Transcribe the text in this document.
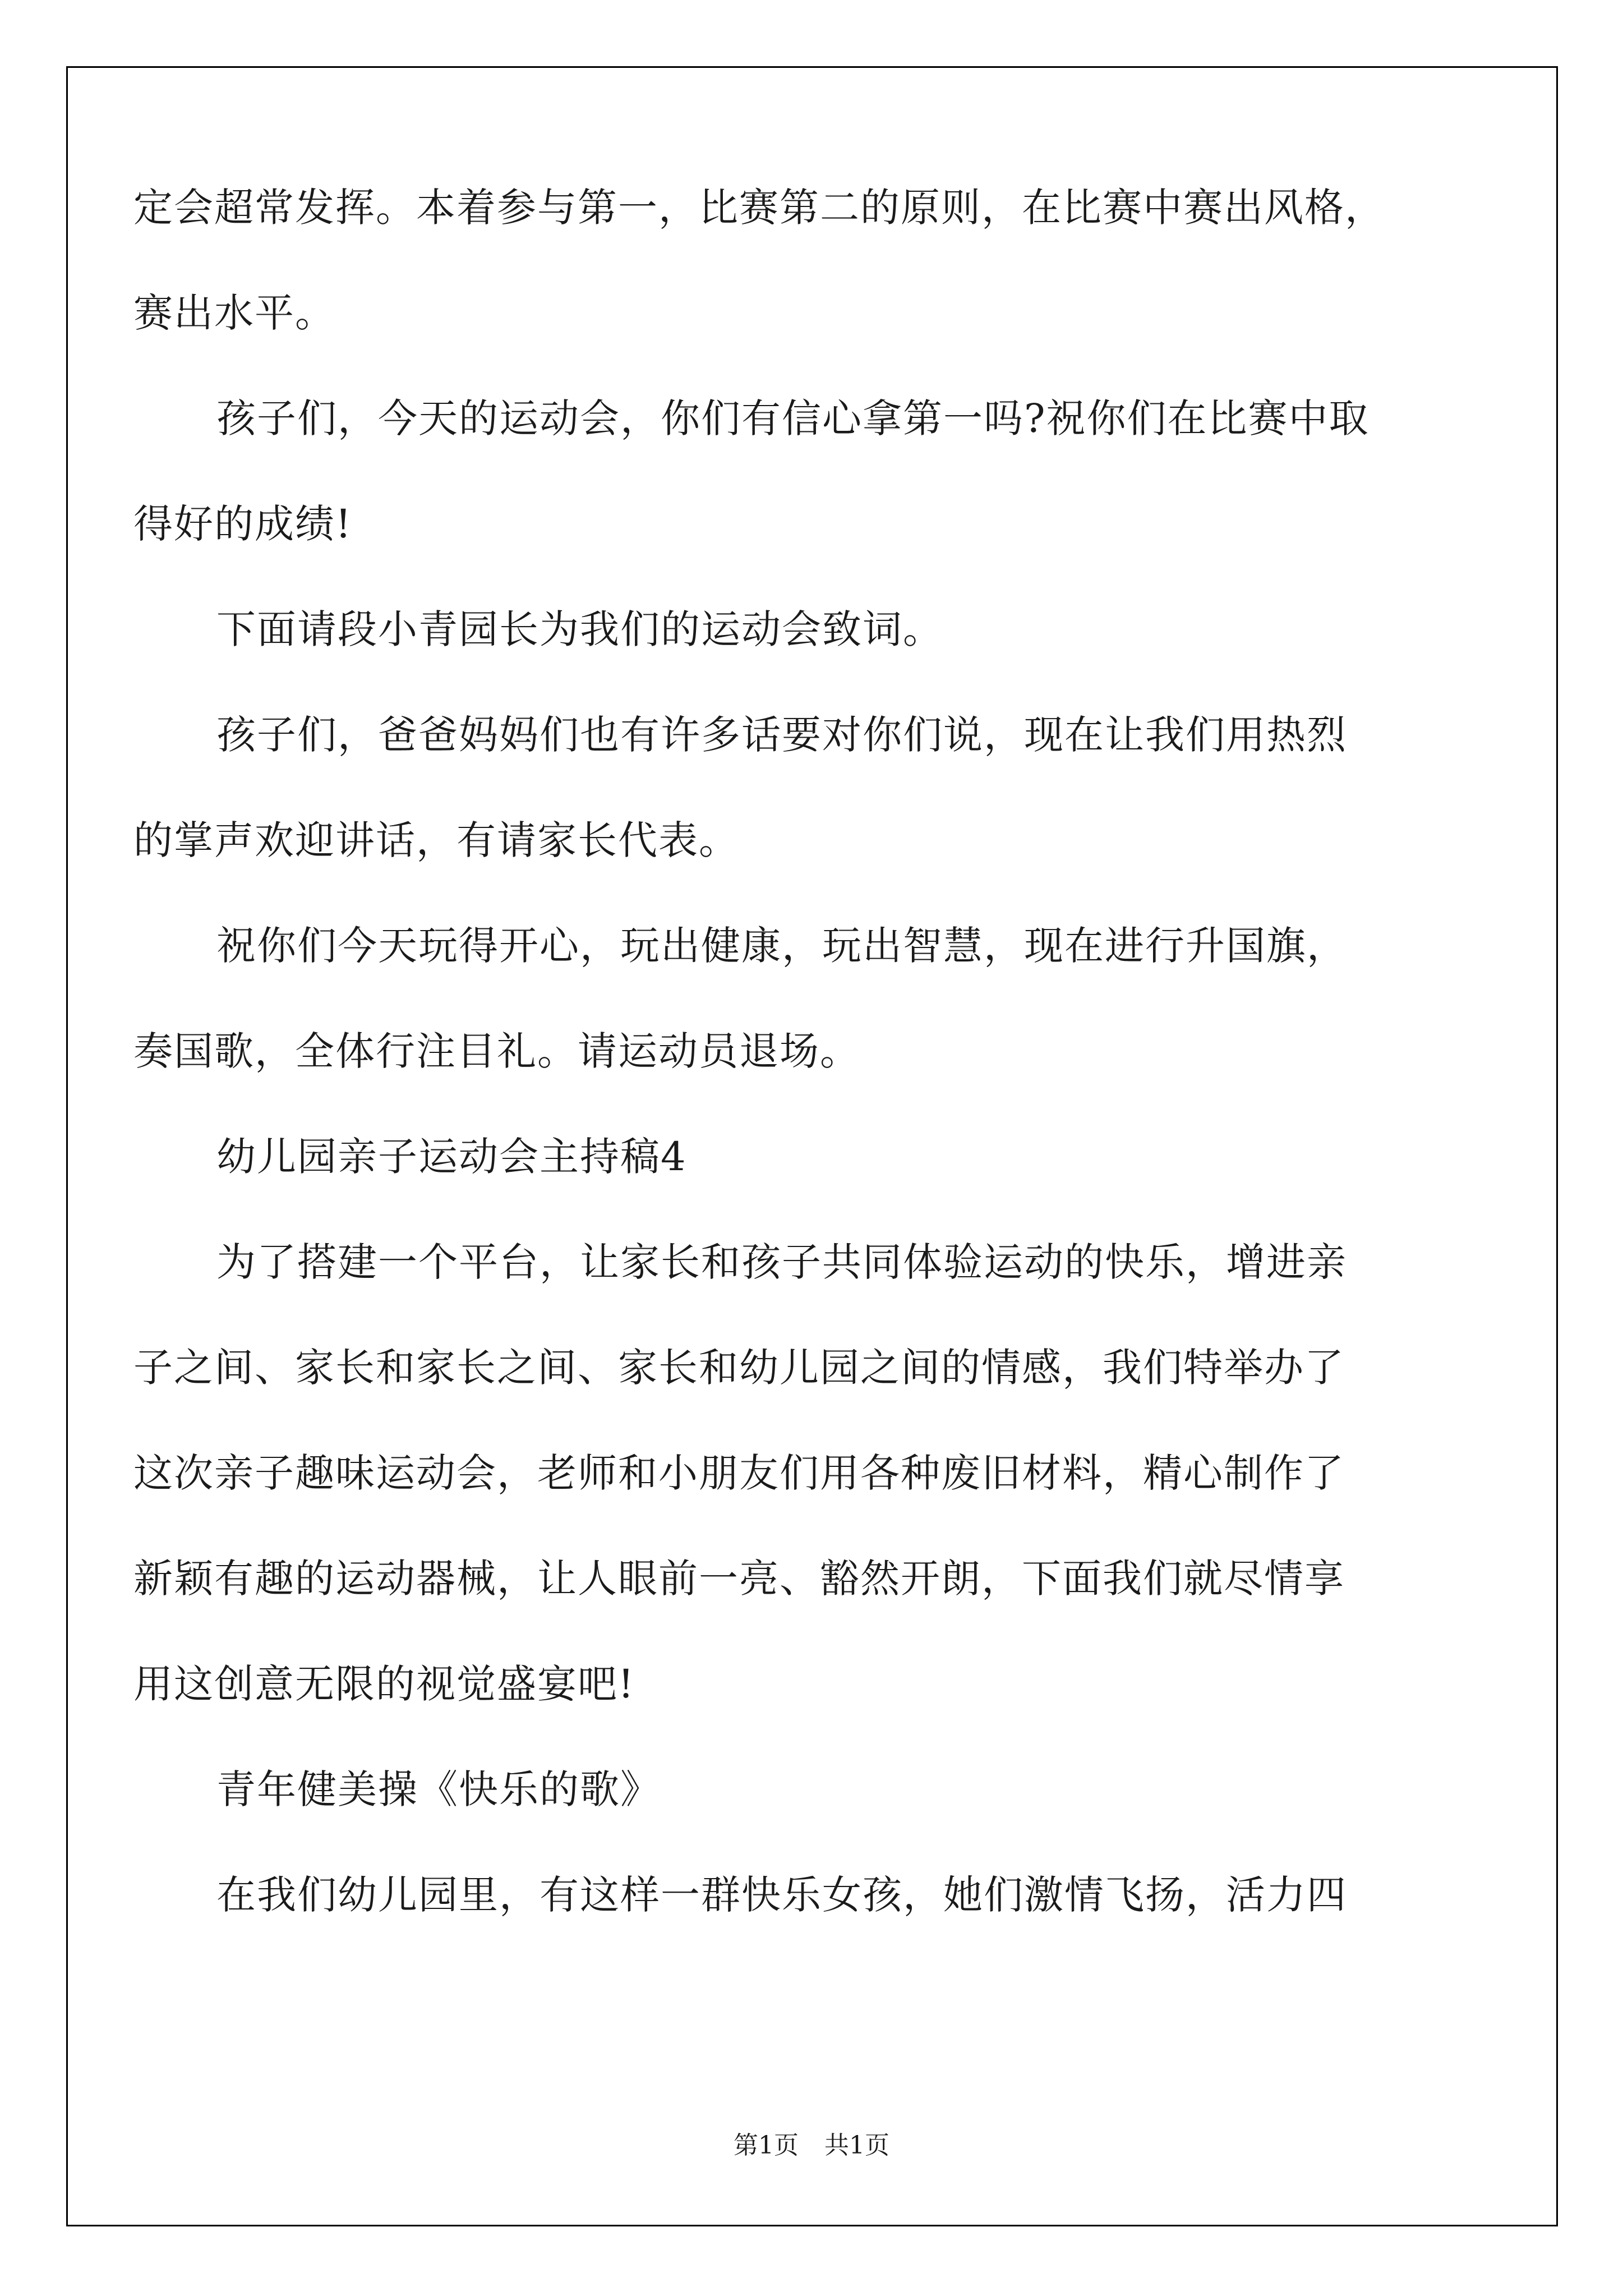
定会超常发挥。本着参与第一，比赛第二的原则，在比赛中赛出风格，
赛出水平。
孩子们，今天的运动会，你们有信心拿第一吗?祝你们在比赛中取
得好的成绩!
下面请段小青园长为我们的运动会致词。
孩子们，爸爸妈妈们也有许多话要对你们说，现在让我们用热烈
的掌声欢迎讲话，有请家长代表。
祝你们今天玩得开心，玩出健康，玩出智慧，现在进行升国旗，
奏国歌，全体行注目礼。请运动员退场。
幼儿园亲子运动会主持稿4
为了搭建一个平台，让家长和孩子共同体验运动的快乐，增进亲
子之间、家长和家长之间、家长和幼儿园之间的情感，我们特举办了
这次亲子趣味运动会，老师和小朋友们用各种废旧材料，精心制作了
新颖有趣的运动器械，让人眼前一亮、豁然开朗，下面我们就尽情享
用这创意无限的视觉盛宴吧!
青年健美操《快乐的歌》
在我们幼儿园里，有这样一群快乐女孩，她们激情飞扬，活力四
第1页 共1页
